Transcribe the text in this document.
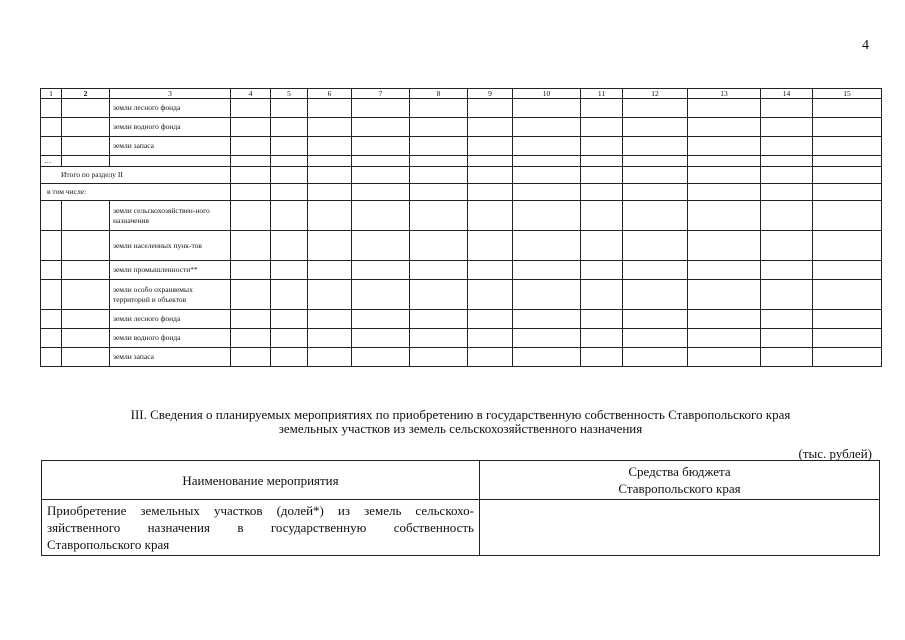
4
1	2	3	4	5	6	7	8	9	10	11	12	13	14	15
		земли лесного фонда												
		земли водного фонда												
		земли запаса												
…														
Итого по разделу II														
в том числе:														
		земли сельскохозяйствен-ного назначения												
		земли населенных пунк-тов												
		земли промышленности**												
		земли особо охраняемых территорий и объектов												
		земли лесного фонда												
		земли водного фонда												
		земли запаса												
III. Сведения о планируемых мероприятиях по приобретению в государственную собственность Ставропольского края
земельных участков из земель сельскохозяйственного назначения
(тыс. рублей)
Наименование мероприятия	Средства бюджета
Ставропольского края

Приобретение земельных участков (долей*) из земель сельскохо-зяйственного назначения в государственную собственность Ставропольского края	
